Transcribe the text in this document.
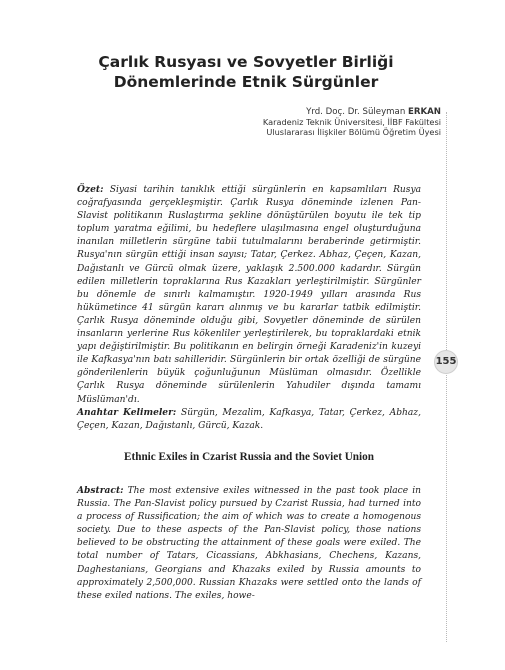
Çarlık Rusyası ve Sovyetler Birliği
Dönemlerinde Etnik Sürgünler
Yrd. Doç. Dr. Süleyman ERKAN
Karadeniz Teknik Üniversitesi, İİBF Fakültesi
Uluslararası İlişkiler Bölümü Öğretim Üyesi
155

Özet: Siyasi tarihin tanıklık ettiği sürgünlerin en kapsamlıları Rusya coğrafyasında gerçekleşmiştir. Çarlık Rusya döneminde izlenen Pan-Slavist politikanın Ruslaştırma şekline dönüştürülen boyutu ile tek tip toplum yaratma eğilimi, bu hedeflere ulaşılmasına engel oluşturduğuna inanılan milletlerin sürgüne tabii tutulmalarını beraberinde getirmiştir. Rusya'nın sürgün ettiği insan sayısı; Tatar, Çerkez. Abhaz, Çeçen, Kazan, Dağıstanlı ve Gürcü olmak üzere, yaklaşık 2.500.000 kadardır. Sürgün edilen milletlerin topraklarına Rus Kazakları yerleştirilmiştir. Sürgünler bu dönemle de sınırlı kalmamıştır. 1920-1949 yılları arasında Rus hükümetince 41 sürgün kararı alınmış ve bu kararlar tatbik edilmiştir. Çarlık Rusya döneminde olduğu gibi, Sovyetler döneminde de sürülen insanların yerlerine Rus kökenliler yerleştirilerek, bu topraklardaki etnik yapı değiştirilmiştir. Bu politikanın en belirgin örneği Karadeniz'in kuzeyi ile Kafkasya'nın batı sahilleridir. Sürgünlerin bir ortak özelliği de sürgüne gönderilenlerin büyük çoğunluğunun Müslüman olmasıdır. Özellikle Çarlık Rusya döneminde sürülenlerin Yahudiler dışında tamamı Müslüman'dı.

Anahtar Kelimeler: Sürgün, Mezalim, Kafkasya, Tatar, Çerkez, Abhaz, Çeçen, Kazan, Dağıstanlı, Gürcü, Kazak.

Ethnic Exiles in Czarist Russia and the Soviet Union

Abstract: The most extensive exiles witnessed in the past took place in Russia. The Pan-Slavist policy pursued by Czarist Russia, had turned into a process of Russification; the aim of which was to create a homogenous society. Due to these aspects of the Pan-Slavist policy, those nations believed to be obstructing the attainment of these goals were exiled. The total number of Tatars, Cicassians, Abkhasians, Chechens, Kazans, Daghestanians, Georgians and Khazaks exiled by Russia amounts to approximately 2,500,000. Russian Khazaks were settled onto the lands of these exiled nations. The exiles, howe-
